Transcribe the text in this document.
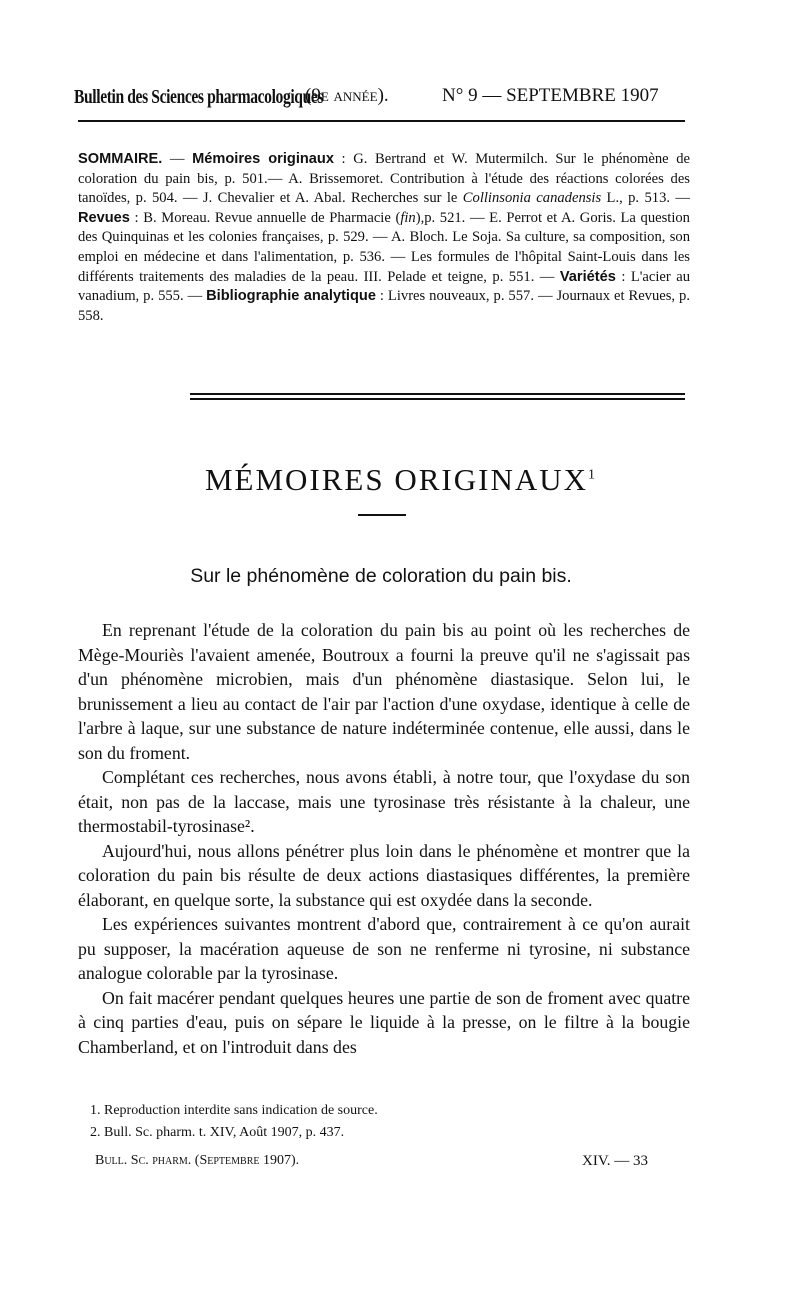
Bulletin des Sciences pharmacologiques
(9e année).	N° 9 — SEPTEMBRE 1907

SOMMAIRE. — Mémoires originaux : G. Bertrand et W. Mutermilch. Sur le phénomène de coloration du pain bis, p. 501.— A. Brissemoret. Contribution à l'étude des réactions colorées des tanoïdes, p. 504. — J. Chevalier et A. Abal. Recherches sur le Collinsonia canadensis L., p. 513. — Revues : B. Moreau. Revue annuelle de Pharmacie (fin),p. 521. — E. Perrot et A. Goris. La question des Quinquinas et les colonies françaises, p. 529. — A. Bloch. Le Soja. Sa culture, sa composition, son emploi en médecine et dans l'alimentation, p. 536. — Les formules de l'hôpital Saint-Louis dans les différents traitements des maladies de la peau. III. Pelade et teigne, p. 551. — Variétés : L'acier au vanadium, p. 555. — Bibliographie analytique : Livres nouveaux, p. 557. — Journaux et Revues, p. 558.

MÉMOIRES ORIGINAUX$^1$
Sur le phénomène de coloration du pain bis.

En reprenant l'étude de la coloration du pain bis au point où les recherches de Mège-Mouriès l'avaient amenée, Boutroux a fourni la preuve qu'il ne s'agissait pas d'un phénomène microbien, mais d'un phénomène diastasique. Selon lui, le brunissement a lieu au contact de l'air par l'action d'une oxydase, identique à celle de l'arbre à laque, sur une substance de nature indéterminée contenue, elle aussi, dans le son du froment.

Complétant ces recherches, nous avons établi, à notre tour, que l'oxydase du son était, non pas de la laccase, mais une tyrosinase très résistante à la chaleur, une thermostabil-tyrosinase².

Aujourd'hui, nous allons pénétrer plus loin dans le phénomène et montrer que la coloration du pain bis résulte de deux actions diastasiques différentes, la première élaborant, en quelque sorte, la substance qui est oxydée dans la seconde.

Les expériences suivantes montrent d'abord que, contrairement à ce qu'on aurait pu supposer, la macération aqueuse de son ne renferme ni tyrosine, ni substance analogue colorable par la tyrosinase.

On fait macérer pendant quelques heures une partie de son de froment avec quatre à cinq parties d'eau, puis on sépare le liquide à la presse, on le filtre à la bougie Chamberland, et on l'introduit dans des

1. Reproduction interdite sans indication de source.
2. Bull. Sc. pharm. t. XIV, Août 1907, p. 437.
Bull. Sc. pharm. (Septembre 1907).	XIV. — 33
